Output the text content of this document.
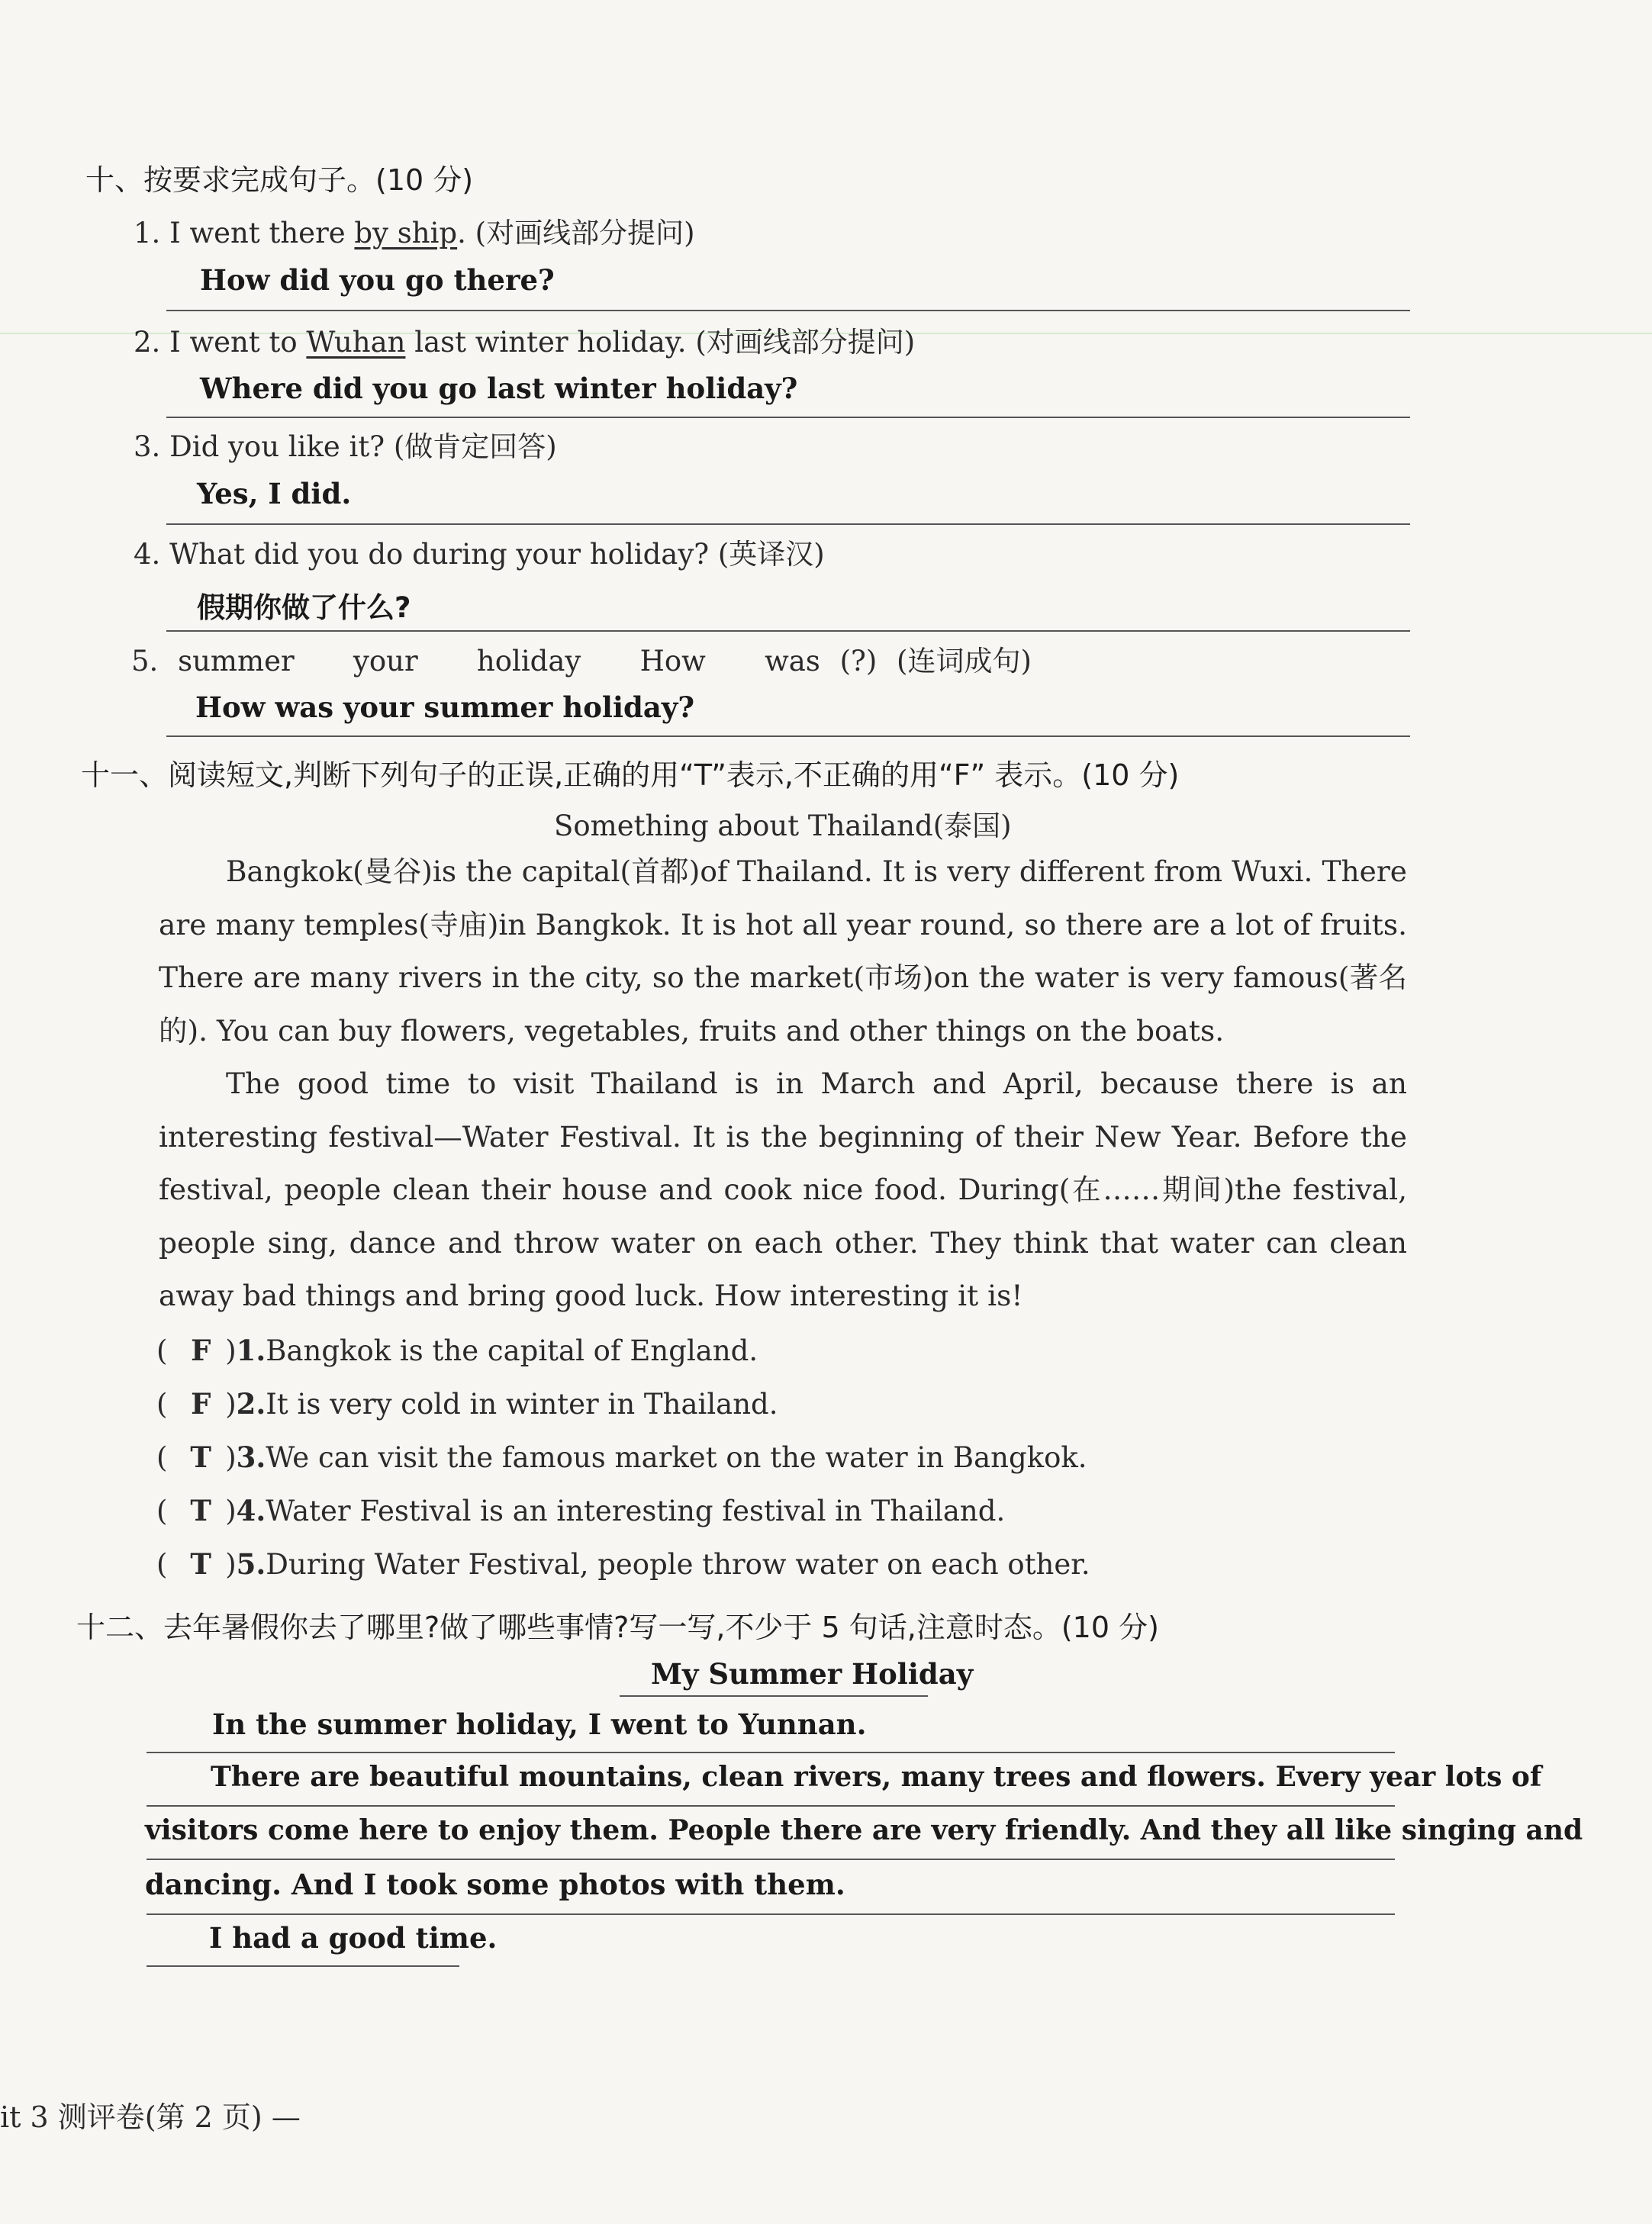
十、按要求完成句子。(10 分)
1. I went there by ship. (对画线部分提问)
How did you go there?
2. I went to Wuhan last winter holiday. (对画线部分提问)
Where did you go last winter holiday?
3. Did you like it? (做肯定回答)
Yes, I did.
4. What did you do during your holiday? (英译汉)
假期你做了什么?
5. summer   your   holiday   How   was (?) (连词成句)
How was your summer holiday?
十一、阅读短文,判断下列句子的正误,正确的用“T”表示,不正确的用“F” 表示。(10 分)
Something about Thailand(泰国)

Bangkok(曼谷)is the capital(首都)of Thailand. It is very different from Wuxi. There are many temples(寺庙)in Bangkok. It is hot all year round, so there are a lot of fruits. There are many rivers in the city, so the market(市场)on the water is very famous(著名的). You can buy flowers, vegetables, fruits and other things on the boats.

The good time to visit Thailand is in March and April, because there is an interesting festival—Water Festival. It is the beginning of their New Year. Before the festival, people clean their house and cook nice food. During(在……期间)the festival, people sing, dance and throw water on each other. They think that water can clean away bad things and bring good luck. How interesting it is!

( F )1.Bangkok is the capital of England.
( F )2.It is very cold in winter in Thailand.
( T )3.We can visit the famous market on the water in Bangkok.
( T )4.Water Festival is an interesting festival in Thailand.
( T )5.During Water Festival, people throw water on each other.
十二、去年暑假你去了哪里?做了哪些事情?写一写,不少于 5 句话,注意时态。(10 分)
My Summer Holiday
In the summer holiday, I went to Yunnan.
There are beautiful mountains, clean rivers, many trees and flowers. Every year lots of
visitors come here to enjoy them. People there are very friendly. And they all like singing and
dancing. And I took some photos with them.
I had a good time.
it 3 测评卷(第 2 页) —
